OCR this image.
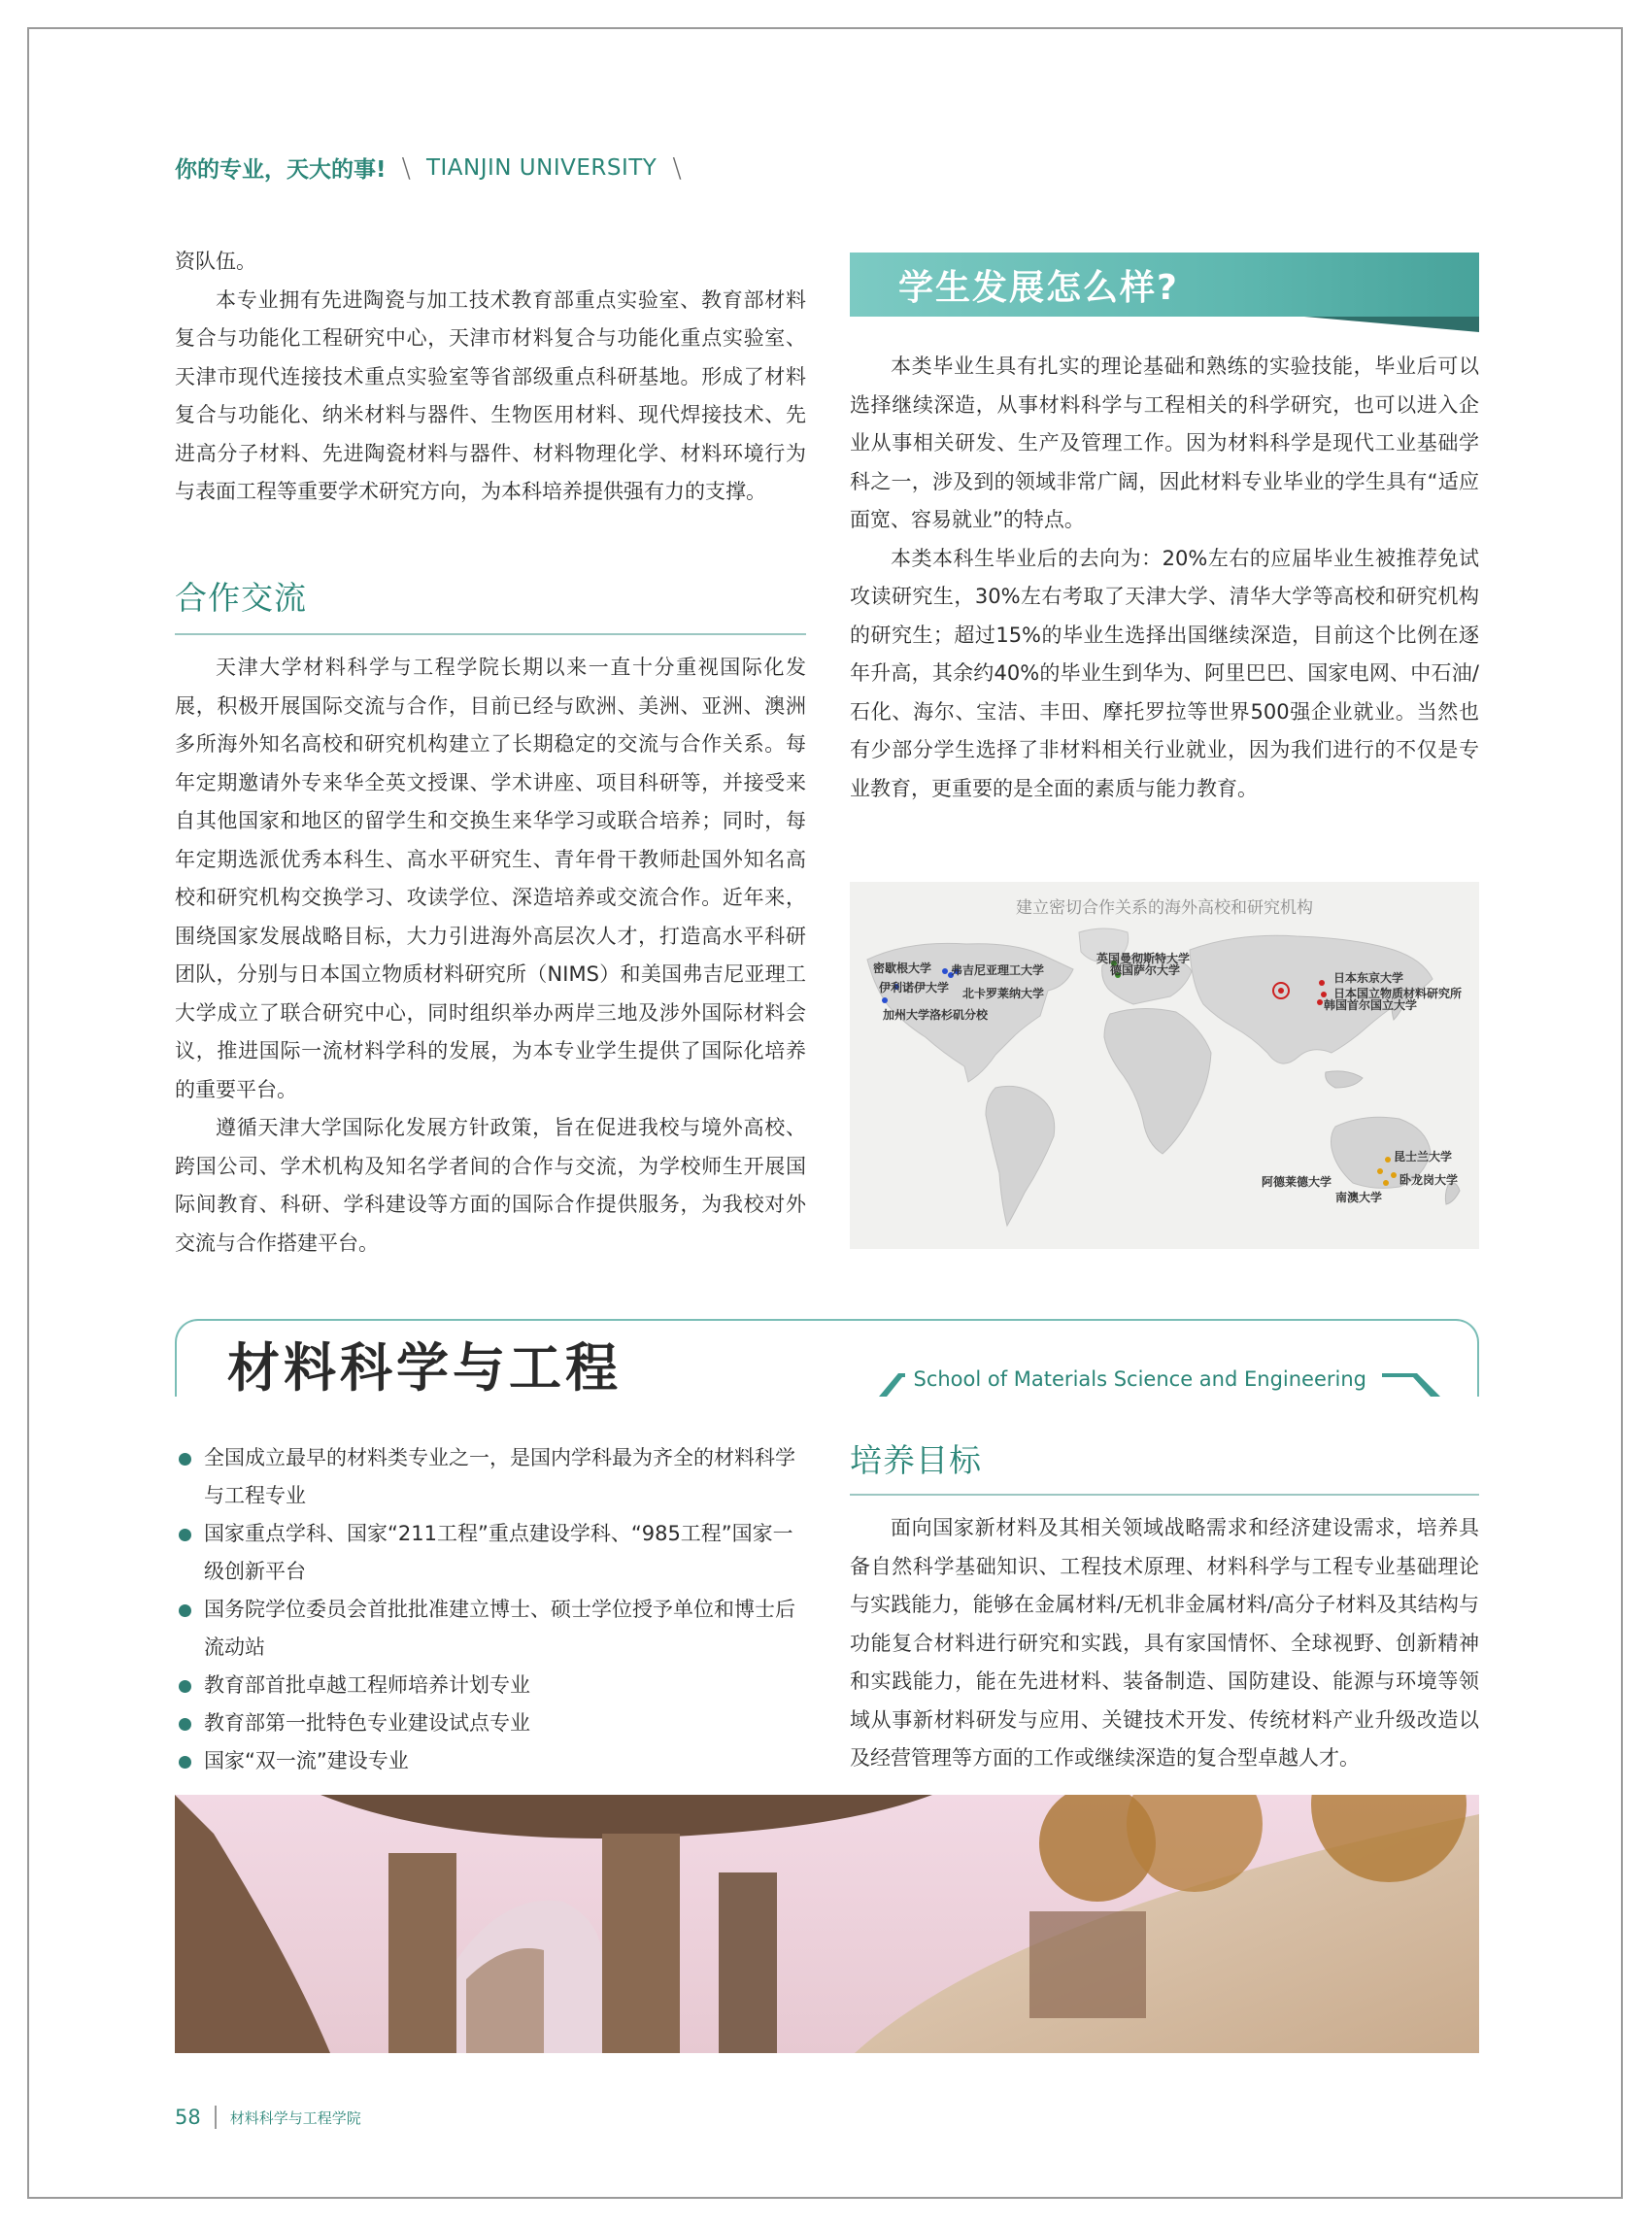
你的专业，天大的事! \ TIANJIN UNIVERSITY \

资队伍。

本专业拥有先进陶瓷与加工技术教育部重点实验室、教育部材料复合与功能化工程研究中心，天津市材料复合与功能化重点实验室、天津市现代连接技术重点实验室等省部级重点科研基地。形成了材料复合与功能化、纳米材料与器件、生物医用材料、现代焊接技术、先进高分子材料、先进陶瓷材料与器件、材料物理化学、材料环境行为与表面工程等重要学术研究方向，为本科培养提供强有力的支撑。

合作交流

天津大学材料科学与工程学院长期以来一直十分重视国际化发展，积极开展国际交流与合作，目前已经与欧洲、美洲、亚洲、澳洲多所海外知名高校和研究机构建立了长期稳定的交流与合作关系。每年定期邀请外专来华全英文授课、学术讲座、项目科研等，并接受来自其他国家和地区的留学生和交换生来华学习或联合培养；同时，每年定期选派优秀本科生、高水平研究生、青年骨干教师赴国外知名高校和研究机构交换学习、攻读学位、深造培养或交流合作。近年来，围绕国家发展战略目标，大力引进海外高层次人才，打造高水平科研团队，分别与日本国立物质材料研究所（NIMS）和美国弗吉尼亚理工大学成立了联合研究中心，同时组织举办两岸三地及涉外国际材料会议，推进国际一流材料学科的发展，为本专业学生提供了国际化培养的重要平台。

遵循天津大学国际化发展方针政策，旨在促进我校与境外高校、跨国公司、学术机构及知名学者间的合作与交流，为学校师生开展国际间教育、科研、学科建设等方面的国际合作提供服务，为我校对外交流与合作搭建平台。

学生发展怎么样?

本类毕业生具有扎实的理论基础和熟练的实验技能，毕业后可以选择继续深造，从事材料科学与工程相关的科学研究，也可以进入企业从事相关研发、生产及管理工作。因为材料科学是现代工业基础学科之一，涉及到的领域非常广阔，因此材料专业毕业的学生具有“适应面宽、容易就业”的特点。

本类本科生毕业后的去向为：20%左右的应届毕业生被推荐免试攻读研究生，30%左右考取了天津大学、清华大学等高校和研究机构的研究生；超过15%的毕业生选择出国继续深造，目前这个比例在逐年升高，其余约40%的毕业生到华为、阿里巴巴、国家电网、中石油/石化、海尔、宝洁、丰田、摩托罗拉等世界500强企业就业。当然也有少部分学生选择了非材料相关行业就业，因为我们进行的不仅是专业教育，更重要的是全面的素质与能力教育。

建立密切合作关系的海外高校和研究机构
密歇根大学 弗吉尼亚理工大学
伊利诺伊大学 北卡罗莱纳大学
加州大学洛杉矶分校
英国曼彻斯特大学
德国萨尔大学
日本东京大学
日本国立物质材料研究所
韩国首尔国立大学
昆士兰大学
阿德莱德大学	卧龙岗大学
南澳大学
材料科学与工程	School of Materials Science and Engineering
全国成立最早的材料类专业之一，是国内学科最为齐全的材料科学与工程专业
国家重点学科、国家“211工程”重点建设学科、“985工程”国家一级创新平台
国务院学位委员会首批批准建立博士、硕士学位授予单位和博士后流动站
教育部首批卓越工程师培养计划专业
教育部第一批特色专业建设试点专业
国家“双一流”建设专业
培养目标

面向国家新材料及其相关领域战略需求和经济建设需求，培养具备自然科学基础知识、工程技术原理、材料科学与工程专业基础理论与实践能力，能够在金属材料/无机非金属材料/高分子材料及其结构与功能复合材料进行研究和实践，具有家国情怀、全球视野、创新精神和实践能力，能在先进材料、装备制造、国防建设、能源与环境等领域从事新材料研发与应用、关键技术开发、传统材料产业升级改造以及经营管理等方面的工作或继续深造的复合型卓越人才。

58 材料科学与工程学院
